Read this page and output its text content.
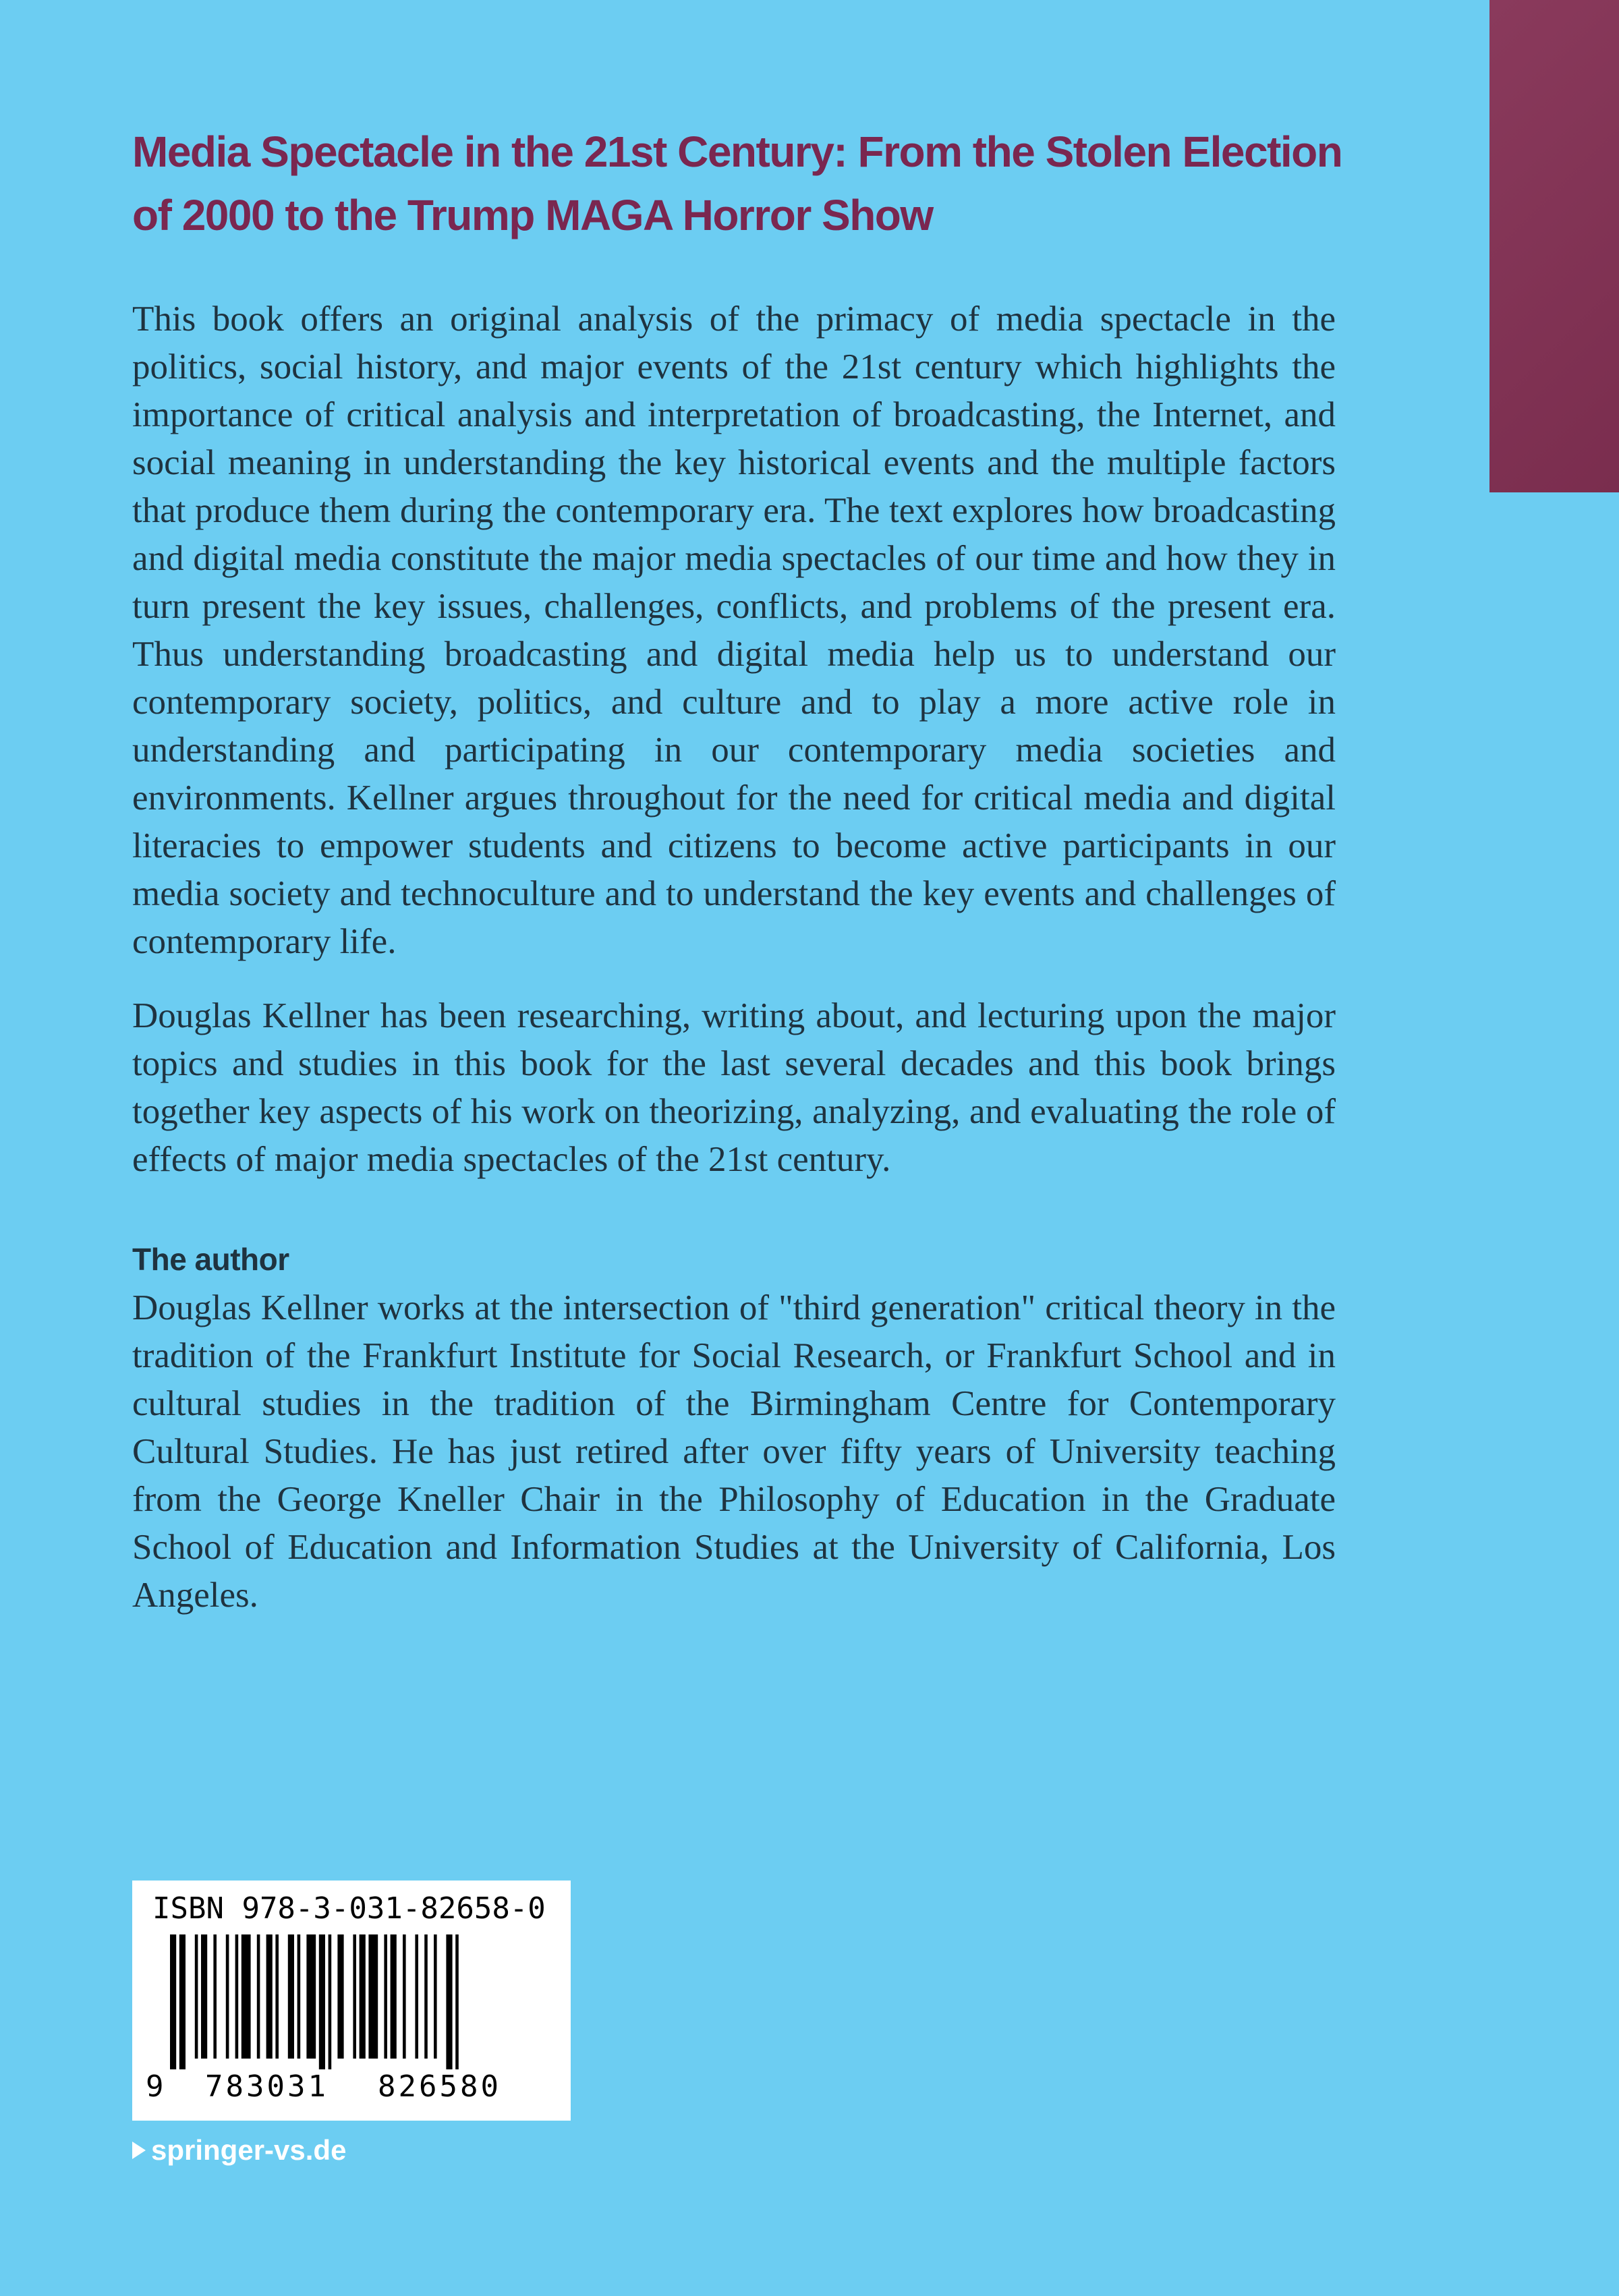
Media Spectacle in the 21st Century: From the Stolen Election
of 2000 to the Trump MAGA Horror Show

This book offers an original analysis of the primacy of media spectacle in the politics, social history, and major events of the 21st century which highlights the importance of critical analysis and interpretation of broadcasting, the Internet, and social meaning in understanding the key historical events and the multiple factors that produce them during the contemporary era. The text explores how broadcasting and digital media constitute the major media spectacles of our time and how they in turn present the key issues, challenges, conflicts, and problems of the present era. Thus understanding broadcasting and digital media help us to understand our contemporary society, politics, and culture and to play a more active role in understanding and participating in our contemporary media societies and environments. Kellner argues throughout for the need for critical media and digital literacies to empower students and citizens to become active participants in our media society and technoculture and to understand the key events and challenges of contemporary life.

Douglas Kellner has been researching, writing about, and lecturing upon the major topics and studies in this book for the last several decades and this book brings together key aspects of his work on theorizing, analyzing, and evaluating the role of effects of major media spectacles of the 21st century.

The author

Douglas Kellner works at the intersection of "third generation" critical theory in the tradition of the Frankfurt Institute for Social Research, or Frankfurt School and in cultural studies in the tradition of the Birmingham Centre for Contemporary Cultural Studies. He has just retired after over fifty years of University teaching from the George Kneller Chair in the Philosophy of Education in the Graduate School of Education and Information Studies at the University of California, Los Angeles.

ISBN 978-3-031-82658-0
9 783031 826580
springer-vs.de
